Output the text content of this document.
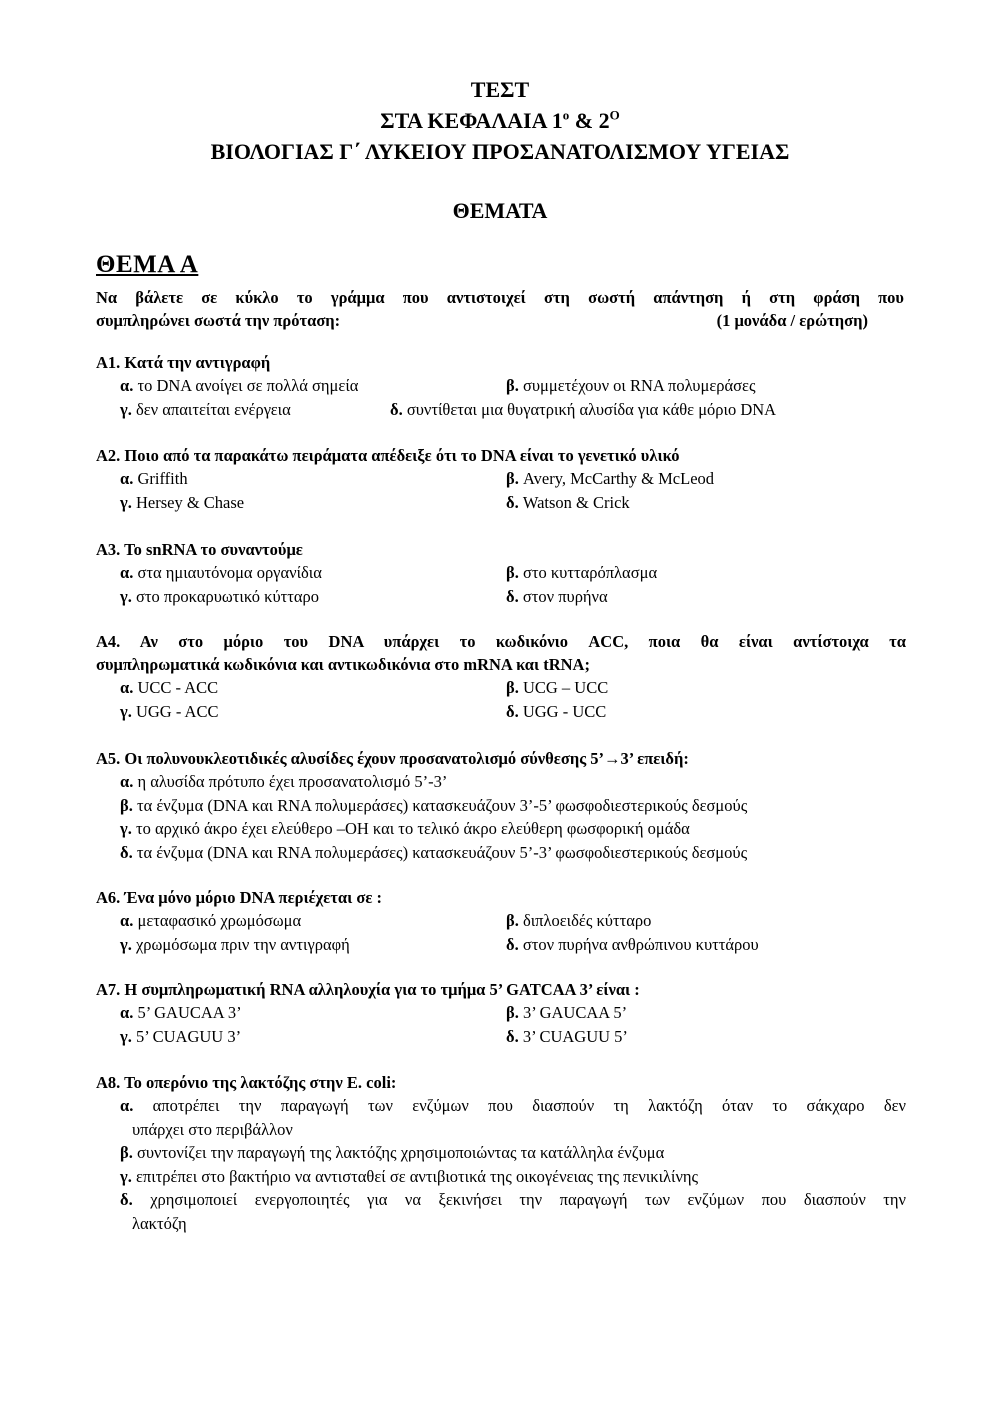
ΤΕΣΤ
ΣΤΑ ΚΕΦΑΛΑΙΑ $1^o$ & $2^O$
ΒΙΟΛΟΓΙΑΣ Γ΄ ΛΥΚΕΙΟΥ ΠΡΟΣΑΝΑΤΟΛΙΣΜΟΥ ΥΓΕΙΑΣ
ΘΕΜΑΤΑ
ΘΕΜΑ Α
Να βάλετε σε κύκλο το γράμμα που αντιστοιχεί στη σωστή απάντηση ή στη φράση που
συμπληρώνει σωστά την πρόταση:	(1 μονάδα / ερώτηση)
Α1. Κατά την αντιγραφή
α. το DNA ανοίγει σε πολλά σημεία	β. συμμετέχουν οι RNA πολυμεράσες
γ. δεν απαιτείται ενέργεια	δ. συντίθεται μια θυγατρική αλυσίδα για κάθε μόριο DNA
Α2. Ποιο από τα παρακάτω πειράματα απέδειξε ότι το DNA είναι το γενετικό υλικό
α. Griffith	β. Avery, McCarthy & McLeod
γ. Hersey & Chase	δ. Watson & Crick
Α3. Το snRNA το συναντούμε
α. στα ημιαυτόνομα οργανίδια	β. στο κυτταρόπλασμα
γ. στο προκαρυωτικό κύτταρο	δ. στον πυρήνα
Α4. Αν στο μόριο του DNA υπάρχει το κωδικόνιο ACC, ποια θα είναι αντίστοιχα τα
συμπληρωματικά κωδικόνια και αντικωδικόνια στο mRNA και tRNA;
α. UCC - ACC	β. UCG – UCC
γ. UGG - ACC	δ. UGG - UCC
Α5. Οι πολυνουκλεοτιδικές αλυσίδες έχουν προσανατολισμό σύνθεσης 5’→3’ επειδή:
α. η αλυσίδα πρότυπο έχει προσανατολισμό 5’-3’
β. τα ένζυμα (DNA και RNA πολυμεράσες) κατασκευάζουν 3’-5’ φωσφοδιεστερικούς δεσμούς
γ. το αρχικό άκρο έχει ελεύθερο –ΟΗ και το τελικό άκρο ελεύθερη φωσφορική ομάδα
δ. τα ένζυμα (DNA και RNA πολυμεράσες) κατασκευάζουν 5’-3’ φωσφοδιεστερικούς δεσμούς
Α6. Ένα μόνο μόριο DNA περιέχεται σε :
α. μεταφασικό χρωμόσωμα	β. διπλοειδές κύτταρο
γ. χρωμόσωμα πριν την αντιγραφή	δ. στον πυρήνα ανθρώπινου κυττάρου
Α7. Η συμπληρωματική RNA αλληλουχία για το τμήμα 5’ GATCAA 3’ είναι :
α. 5’ GAUCAA 3’	β. 3’ GAUCAA 5’
γ. 5’ CUAGUU 3’	δ. 3’ CUAGUU 5’
Α8. Το οπερόνιο της λακτόζης στην E. coli:
α. αποτρέπει την παραγωγή των ενζύμων που διασπούν τη λακτόζη όταν το σάκχαρο δεν
υπάρχει στο περιβάλλον
β. συντονίζει την παραγωγή της λακτόζης χρησιμοποιώντας τα κατάλληλα ένζυμα
γ. επιτρέπει στο βακτήριο να αντισταθεί σε αντιβιοτικά της οικογένειας της πενικιλίνης
δ. χρησιμοποιεί ενεργοποιητές για να ξεκινήσει την παραγωγή των ενζύμων που διασπούν την
λακτόζη
